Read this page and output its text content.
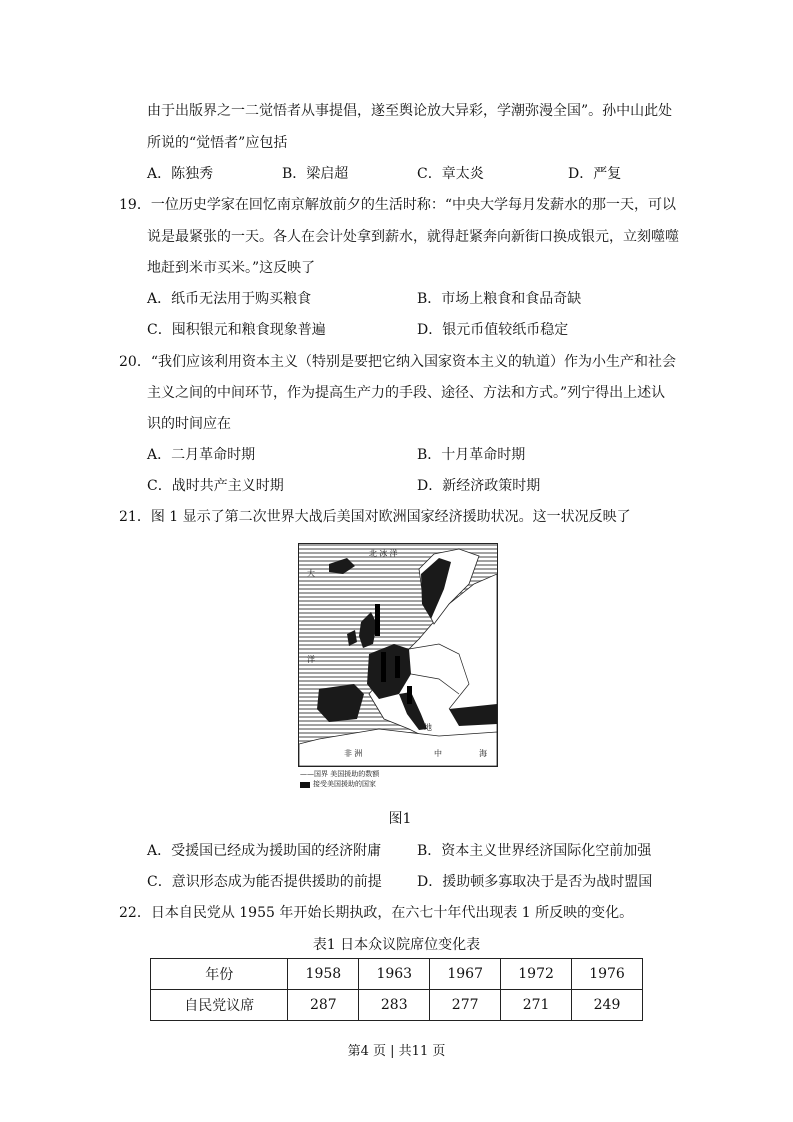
由于出版界之一二觉悟者从事提倡，遂至舆论放大异彩，学潮弥漫全国”。孙中山此处
所说的“觉悟者”应包括
A．陈独秀	B．梁启超	C．章太炎	D．严复
19．一位历史学家在回忆南京解放前夕的生活时称：“中央大学每月发薪水的那一天，可以
说是最紧张的一天。各人在会计处拿到薪水，就得赶紧奔向新街口换成银元，立刻噬噬
地赶到米市买米。”这反映了
A．纸币无法用于购买粮食	B．市场上粮食和食品奇缺
C．囤积银元和粮食现象普遍	D．银元币值较纸币稳定
20．“我们应该利用资本主义（特别是要把它纳入国家资本主义的轨道）作为小生产和社会
主义之间的中间环节，作为提高生产力的手段、途径、方法和方式。”列宁得出上述认
识的时间应在
A．二月革命时期	B．十月革命时期
C．战时共产主义时期	D．新经济政策时期
21．图 1 显示了第二次世界大战后美国对欧洲国家经济援助状况。这一状况反映了
北 冰 洋
大
洋
地
中	海
非 洲
——国界 美国援助的数额
接受美国援助的国家
图1
A．受援国已经成为援助国的经济附庸	B．资本主义世界经济国际化空前加强
C．意识形态成为能否提供援助的前提	D．援助顿多寡取决于是否为战时盟国
22．日本自民党从 1955 年开始长期执政，在六七十年代出现表 1 所反映的变化。
表1 日本众议院席位变化表
年份	1958	1963	1967	1972	1976
自民党议席	287	283	277	271	249
第4 页 | 共11 页
